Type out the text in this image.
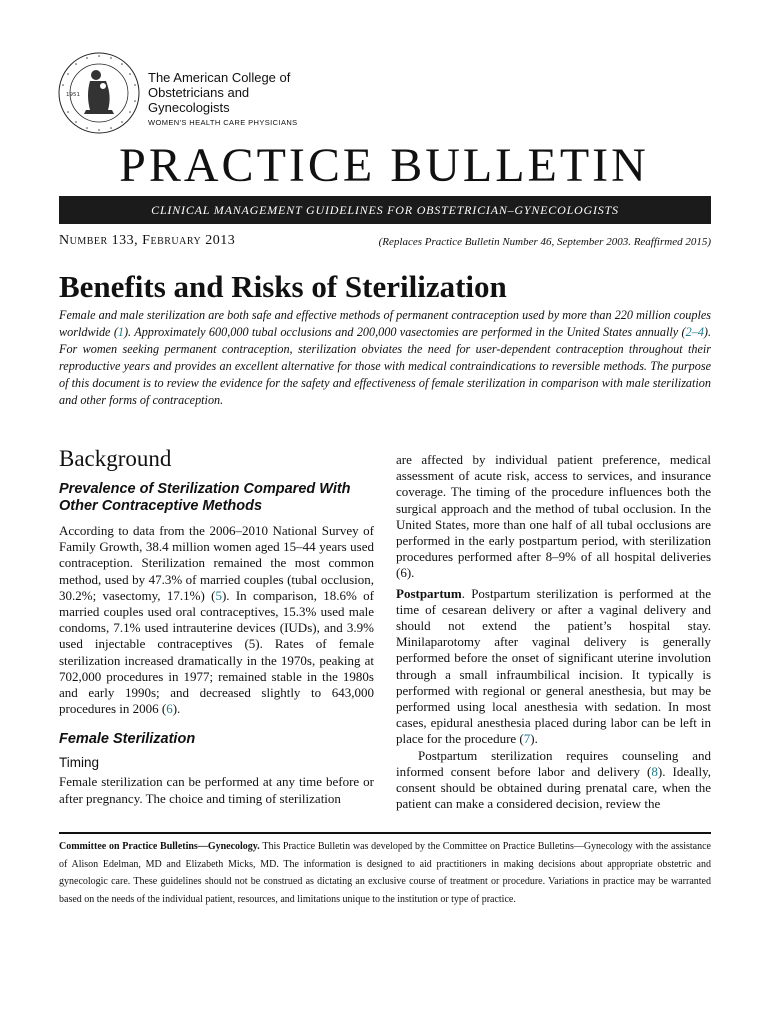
1951
The American College of
Obstetricians and Gynecologists
WOMEN'S HEALTH CARE PHYSICIANS
PRACTICE BULLETIN
CLINICAL MANAGEMENT GUIDELINES FOR OBSTETRICIAN–GYNECOLOGISTS
Number 133, February 2013	(Replaces Practice Bulletin Number 46, September 2003. Reaffirmed 2015)
Benefits and Risks of Sterilization
Female and male sterilization are both safe and effective methods of permanent contraception used by more than 220 million couples worldwide (1). Approximately 600,000 tubal occlusions and 200,000 vasectomies are performed in the United States annually (2–4). For women seeking permanent contraception, sterilization obviates the need for user-dependent contraception throughout their reproductive years and provides an excellent alternative for those with medical contraindications to reversible methods. The purpose of this document is to review the evidence for the safety and effectiveness of female sterilization in comparison with male sterilization and other forms of contraception.
Background
Prevalence of Sterilization Compared With Other Contraceptive Methods

According to data from the 2006–2010 National Survey of Family Growth, 38.4 million women aged 15–44 years used contraception. Sterilization remained the most common method, used by 47.3% of married couples (tubal occlusion, 30.2%; vasectomy, 17.1%) (5). In comparison, 18.6% of married couples used oral contraceptives, 15.3% used male condoms, 7.1% used intrauterine devices (IUDs), and 3.9% used injectable contraceptives (5). Rates of female sterilization increased dramatically in the 1970s, peaking at 702,000 procedures in 1977; remained stable in the 1980s and early 1990s; and decreased slightly to 643,000 procedures in 2006 (6).

Female Sterilization
Timing

Female sterilization can be performed at any time before or after pregnancy. The choice and timing of sterilization

are affected by individual patient preference, medical assessment of acute risk, access to services, and insurance coverage. The timing of the procedure influences both the surgical approach and the method of tubal occlusion. In the United States, more than one half of all tubal occlusions are performed in the early postpartum period, with sterilization procedures performed after 8–9% of all hospital deliveries (6).

Postpartum. Postpartum sterilization is performed at the time of cesarean delivery or after a vaginal delivery and should not extend the patient’s hospital stay. Minilaparotomy after vaginal delivery is generally performed before the onset of significant uterine involution through a small infraumbilical incision. It typically is performed with regional or general anesthesia, but may be performed using local anesthesia with sedation. In most cases, epidural anesthesia placed during labor can be left in place for the procedure (7).

Postpartum sterilization requires counseling and informed consent before labor and delivery (8). Ideally, consent should be obtained during prenatal care, when the patient can make a considered decision, review the

Committee on Practice Bulletins—Gynecology. This Practice Bulletin was developed by the Committee on Practice Bulletins—Gynecology with the assistance of Alison Edelman, MD and Elizabeth Micks, MD. The information is designed to aid practitioners in making decisions about appropriate obstetric and gynecologic care. These guidelines should not be construed as dictating an exclusive course of treatment or procedure. Variations in practice may be warranted based on the needs of the individual patient, resources, and limitations unique to the institution or type of practice.
